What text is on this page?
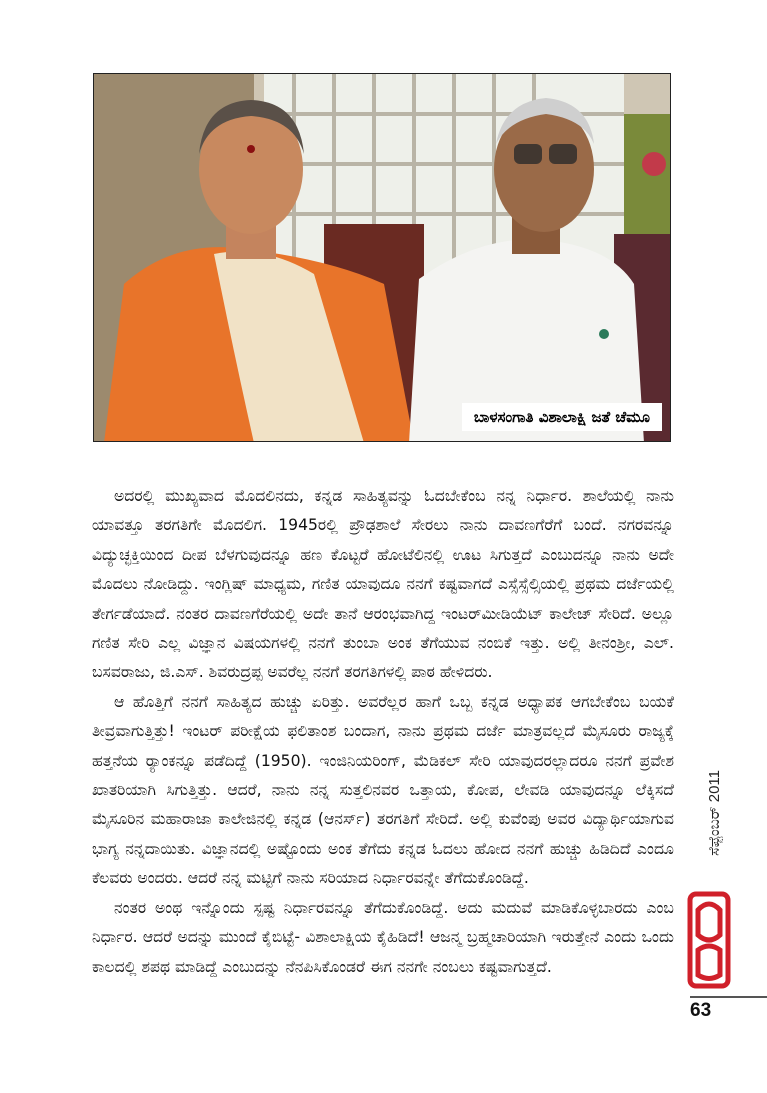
ಬಾಳಸಂಗಾತಿ ವಿಶಾಲಾಕ್ಷಿ ಜತೆ ಚೆಮೂ

ಅದರಲ್ಲಿ ಮುಖ್ಯವಾದ ಮೊದಲಿನದು, ಕನ್ನಡ ಸಾಹಿತ್ಯವನ್ನು ಓದಬೇಕೆಂಬ ನನ್ನ ನಿರ್ಧಾರ. ಶಾಲೆಯಲ್ಲಿ ನಾನು ಯಾವತ್ತೂ ತರಗತಿಗೇ ಮೊದಲಿಗ. 1945ರಲ್ಲಿ ಪ್ರೌಢಶಾಲೆ ಸೇರಲು ನಾನು ದಾವಣಗೆರೆಗೆ ಬಂದೆ. ನಗರವನ್ನೂ ವಿದ್ಯುಚ್ಛಕ್ತಿಯಿಂದ ದೀಪ ಬೆಳಗುವುದನ್ನೂ ಹಣ ಕೊಟ್ಟರೆ ಹೋಟೆಲಿನಲ್ಲಿ ಊಟ ಸಿಗುತ್ತದೆ ಎಂಬುದನ್ನೂ ನಾನು ಅದೇ ಮೊದಲು ನೋಡಿದ್ದು. ಇಂಗ್ಲಿಷ್ ಮಾಧ್ಯಮ, ಗಣಿತ ಯಾವುದೂ ನನಗೆ ಕಷ್ಟವಾಗದೆ ಎಸ್ಸೆಸ್ಸೆಲ್ಸಿಯಲ್ಲಿ ಪ್ರಥಮ ದರ್ಜೆಯಲ್ಲಿ ತೇರ್ಗಡೆಯಾದೆ. ನಂತರ ದಾವಣಗೆರೆಯಲ್ಲಿ ಅದೇ ತಾನೆ ಆರಂಭವಾಗಿದ್ದ ಇಂಟರ್‌ಮೀಡಿಯೆಟ್ ಕಾಲೇಜ್ ಸೇರಿದೆ. ಅಲ್ಲೂ ಗಣಿತ ಸೇರಿ ಎಲ್ಲ ವಿಜ್ಞಾನ ವಿಷಯಗಳಲ್ಲಿ ನನಗೆ ತುಂಬಾ ಅಂಕ ತೆಗೆಯುವ ನಂಬಿಕೆ ಇತ್ತು. ಅಲ್ಲಿ ತೀನಂಶ್ರೀ, ಎಲ್. ಬಸವರಾಜು, ಜಿ.ಎಸ್. ಶಿವರುದ್ರಪ್ಪ ಅವರೆಲ್ಲ ನನಗೆ ತರಗತಿಗಳಲ್ಲಿ ಪಾಠ ಹೇಳಿದರು.

ಆ ಹೊತ್ತಿಗೆ ನನಗೆ ಸಾಹಿತ್ಯದ ಹುಚ್ಚು ಏರಿತ್ತು. ಅವರೆಲ್ಲರ ಹಾಗೆ ಒಬ್ಬ ಕನ್ನಡ ಅಧ್ಯಾಪಕ ಆಗಬೇಕೆಂಬ ಬಯಕೆ ತೀವ್ರವಾಗುತ್ತಿತ್ತು! ಇಂಟರ್ ಪರೀಕ್ಷೆಯ ಫಲಿತಾಂಶ ಬಂದಾಗ, ನಾನು ಪ್ರಥಮ ದರ್ಜೆ ಮಾತ್ರವಲ್ಲದೆ ಮೈಸೂರು ರಾಜ್ಯಕ್ಕೆ ಹತ್ತನೆಯ ರ‍್ಯಾಂಕನ್ನೂ ಪಡೆದಿದ್ದೆ (1950). ಇಂಜಿನಿಯರಿಂಗ್, ಮೆಡಿಕಲ್ ಸೇರಿ ಯಾವುದರಲ್ಲಾದರೂ ನನಗೆ ಪ್ರವೇಶ ಖಾತರಿಯಾಗಿ ಸಿಗುತ್ತಿತ್ತು. ಆದರೆ, ನಾನು ನನ್ನ ಸುತ್ತಲಿನವರ ಒತ್ತಾಯ, ಕೋಪ, ಲೇವಡಿ ಯಾವುದನ್ನೂ ಲೆಕ್ಕಿಸದೆ ಮೈಸೂರಿನ ಮಹಾರಾಜಾ ಕಾಲೇಜಿನಲ್ಲಿ ಕನ್ನಡ (ಆನರ್ಸ್) ತರಗತಿಗೆ ಸೇರಿದೆ. ಅಲ್ಲಿ ಕುವೆಂಪು ಅವರ ವಿದ್ಯಾರ್ಥಿಯಾಗುವ ಭಾಗ್ಯ ನನ್ನದಾಯಿತು. ವಿಜ್ಞಾನದಲ್ಲಿ ಅಷ್ಟೊಂದು ಅಂಕ ತೆಗೆದು ಕನ್ನಡ ಓದಲು ಹೋದ ನನಗೆ ಹುಚ್ಚು ಹಿಡಿದಿದೆ ಎಂದೂ ಕೆಲವರು ಅಂದರು. ಆದರೆ ನನ್ನ ಮಟ್ಟಿಗೆ ನಾನು ಸರಿಯಾದ ನಿರ್ಧಾರವನ್ನೇ ತೆಗೆದುಕೊಂಡಿದ್ದೆ.

ನಂತರ ಅಂಥ ಇನ್ನೊಂದು ಸ್ಪಷ್ಟ ನಿರ್ಧಾರವನ್ನೂ ತೆಗೆದುಕೊಂಡಿದ್ದೆ. ಅದು ಮದುವೆ ಮಾಡಿಕೊಳ್ಳಬಾರದು ಎಂಬ ನಿರ್ಧಾರ. ಆದರೆ ಅದನ್ನು ಮುಂದೆ ಕೈಬಿಟ್ಟೆ- ವಿಶಾಲಾಕ್ಷಿಯ ಕೈಹಿಡಿದೆ! ಆಜನ್ಮ ಬ್ರಹ್ಮಚಾರಿಯಾಗಿ ಇರುತ್ತೇನೆ ಎಂದು ಒಂದು ಕಾಲದಲ್ಲಿ ಶಪಥ ಮಾಡಿದ್ದೆ ಎಂಬುದನ್ನು ನೆನಪಿಸಿಕೊಂಡರೆ ಈಗ ನನಗೇ ನಂಬಲು ಕಷ್ಟವಾಗುತ್ತದೆ.

ಸೆಪ್ಟೆಂಬರ್ 2011
63
